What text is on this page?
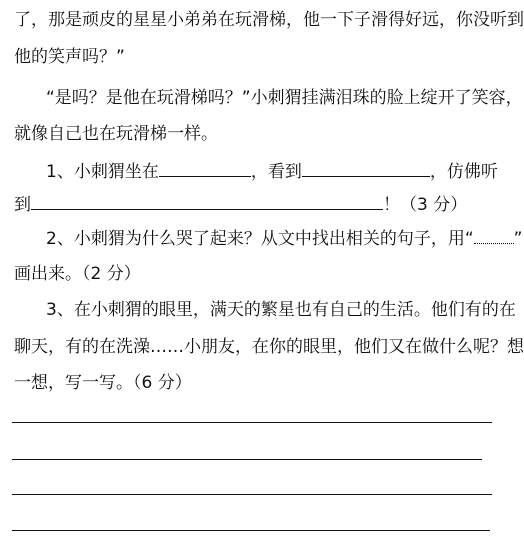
了，那是顽皮的星星小弟弟在玩滑梯，他一下子滑得好远，你没听到
他的笑声吗？”
“是吗？是他在玩滑梯吗？”小刺猬挂满泪珠的脸上绽开了笑容，
就像自己也在玩滑梯一样。
1、小刺猬坐在	，看到	，仿佛听
到	！（3 分）
2、小刺猬为什么哭了起来？从文中找出相关的句子，用“ ”
画出来。（2 分）
3、在小刺猬的眼里，满天的繁星也有自己的生活。他们有的在
聊天，有的在洗澡……小朋友，在你的眼里，他们又在做什么呢？想
一想，写一写。（6 分）
